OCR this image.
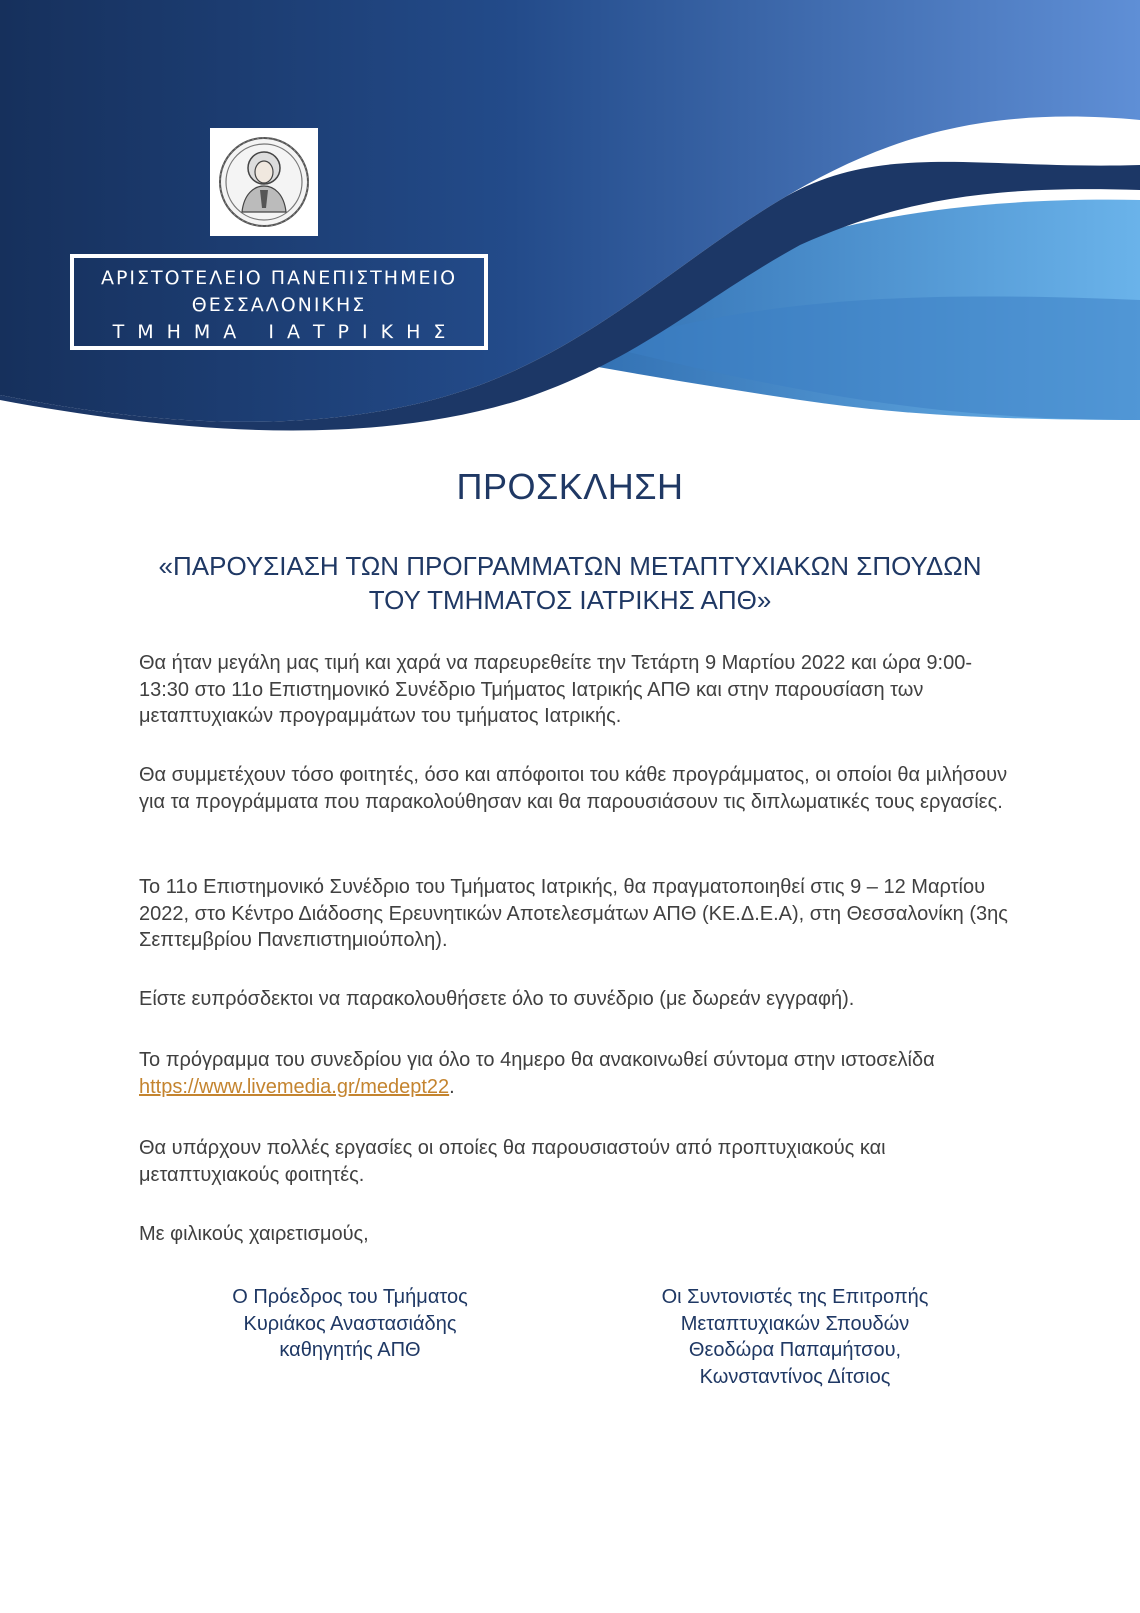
ΑΡΙΣΤΟΤΕΛΕΙΟ ΠΑΝΕΠΙΣΤΗΜΕΙΟ
ΘΕΣΣΑΛΟΝΙΚΗΣ
ΤΜΗΜΑ ΙΑΤΡΙΚΗΣ
ΠΡΟΣΚΛΗΣΗ
«ΠΑΡΟΥΣΙΑΣΗ ΤΩΝ ΠΡΟΓΡΑΜΜΑΤΩΝ ΜΕΤΑΠΤΥΧΙΑΚΩΝ ΣΠΟΥΔΩΝ
ΤΟΥ ΤΜΗΜΑΤΟΣ ΙΑΤΡΙΚΗΣ ΑΠΘ»
Θα ήταν μεγάλη μας τιμή και χαρά να παρευρεθείτε την Τετάρτη 9 Μαρτίου 2022 και ώρα 9:00-13:30 στο 11ο Επιστημονικό Συνέδριο Τμήματος Ιατρικής ΑΠΘ και στην παρουσίαση των μεταπτυχιακών προγραμμάτων του τμήματος Ιατρικής.
Θα συμμετέχουν τόσο φοιτητές, όσο και απόφοιτοι του κάθε προγράμματος, οι οποίοι θα μιλήσουν για τα προγράμματα που παρακολούθησαν και θα παρουσιάσουν τις διπλωματικές τους εργασίες.
Το 11ο Επιστημονικό Συνέδριο του Τμήματος Ιατρικής, θα πραγματοποιηθεί στις 9 – 12 Μαρτίου 2022, στο Κέντρο Διάδοσης Ερευνητικών Αποτελεσμάτων ΑΠΘ (ΚΕ.Δ.Ε.Α), στη Θεσσαλονίκη (3ης Σεπτεμβρίου Πανεπιστημιούπολη).
Είστε ευπρόσδεκτοι να παρακολουθήσετε όλο το συνέδριο (με δωρεάν εγγραφή).
Το πρόγραμμα του συνεδρίου για όλο το 4ημερο θα ανακοινωθεί σύντομα στην ιστοσελίδα
https://www.livemedia.gr/medept22.
Θα υπάρχουν πολλές εργασίες οι οποίες θα παρουσιαστούν από προπτυχιακούς και μεταπτυχιακούς φοιτητές.
Με φιλικούς χαιρετισμούς,
Ο Πρόεδρος του Τμήματος
Κυριάκος Αναστασιάδης
καθηγητής ΑΠΘ
Οι Συντονιστές της Επιτροπής
Μεταπτυχιακών Σπουδών
Θεοδώρα Παπαμήτσου,
Κωνσταντίνος Δίτσιος
